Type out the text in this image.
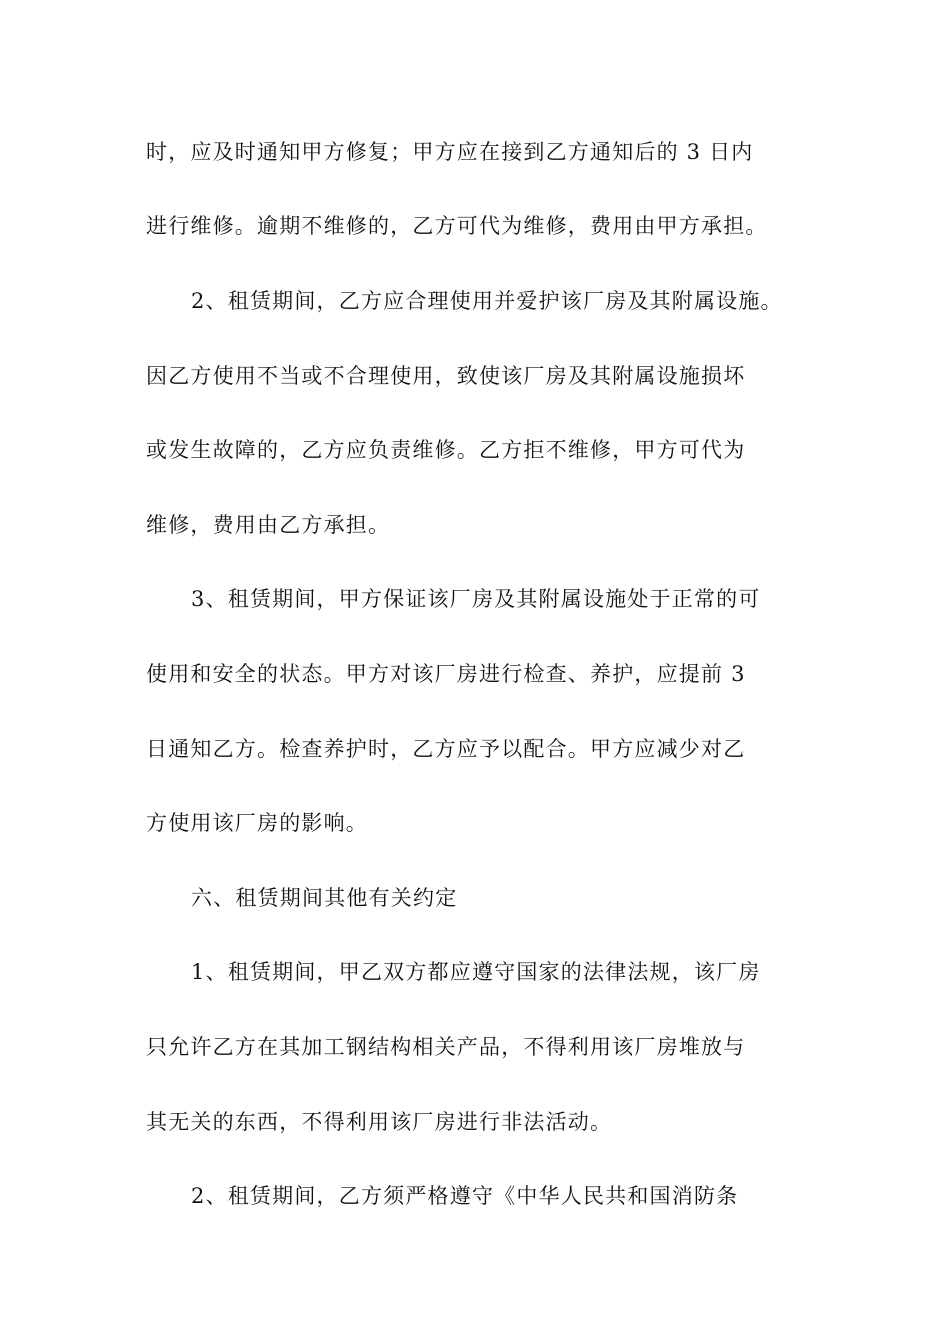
时，应及时通知甲方修复；甲方应在接到乙方通知后的 3 日内
进行维修。逾期不维修的，乙方可代为维修，费用由甲方承担。
2、租赁期间，乙方应合理使用并爱护该厂房及其附属设施。
因乙方使用不当或不合理使用，致使该厂房及其附属设施损坏
或发生故障的，乙方应负责维修。乙方拒不维修，甲方可代为
维修，费用由乙方承担。
3、租赁期间，甲方保证该厂房及其附属设施处于正常的可
使用和安全的状态。甲方对该厂房进行检查、养护，应提前 3
日通知乙方。检查养护时，乙方应予以配合。甲方应减少对乙
方使用该厂房的影响。
六、租赁期间其他有关约定
1、租赁期间，甲乙双方都应遵守国家的法律法规，该厂房
只允许乙方在其加工钢结构相关产品，不得利用该厂房堆放与
其无关的东西，不得利用该厂房进行非法活动。
2、租赁期间，乙方须严格遵守《中华人民共和国消防条
